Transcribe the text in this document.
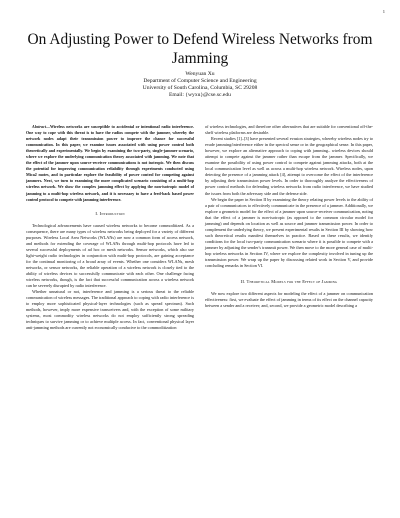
1
On Adjusting Power to Defend Wireless Networks from Jamming
Wenyuan Xu
Department of Computer Science and Engineering
University of South Carolina, Columbia, SC 29208
Email: {wyxu}@cse.sc.edu

Abstract—Wireless networks are susceptible to accidental or intentional radio interference. One way to cope with this threat is to have the radios compete with the jammer, whereby the network nodes adapt their transmission power to improve the chance for successful communication. In this paper, we examine issues associated with using power control both theoretically and experimentally. We begin by examining the two-party, single-jammer scenario, where we explore the underlying communication theory associated with jamming. We note that the effect of the jammer upon source-receiver communications is not isotropic. We then discuss the potential for improving communication reliability through experiments conducted using Mica2 motes, and in particular explore the feasibility of power control for competing against jammers. Next, we turn to examining the more complicated scenario consisting of a multi-hop wireless network. We show the complex jamming effect by applying the non-isotropic model of jamming to a multi-hop wireless network, and it is necessary to have a feed-back based power control protocol to compete with jamming interference.

I. Introduction

Technological advancements have caused wireless networks to become commoditized. As a consequence, there are many types of wireless networks being deployed for a variety of different purposes. Wireless Local Area Networks (WLANs) are now a common form of access network, and methods for extending the coverage of WLANs through multi-hop protocols have led to several successful deployments of ad hoc or mesh networks. Sensor networks, which also use light-weight radio technologies in conjunction with multi-hop protocols, are gaining acceptance for the continual monitoring of a broad array of events. Whether one considers WLANs, mesh networks, or sensor networks, the reliable operation of a wireless network is closely tied to the ability of wireless devices to successfully communicate with each other. One challenge facing wireless networks, though, is the fact that successful communication across a wireless network can be severely disrupted by radio interference.

Whether unnatural or not, interference and jamming is a serious threat to the reliable communication of wireless messages. The traditional approach to coping with radio interference is to employ more sophisticated physical-layer technologies (such as spread spectrum). Such methods, however, imply more expensive transceivers and, with the exception of some military systems, most commodity wireless networks do not employ sufficiently strong spreading techniques to survive jamming or to achieve multiple access. In fact, conventional physical layer anti-jamming methods are currently not economically conducive to the commoditization

of wireless technologies, and therefore other alternatives that are suitable for conventional off-the-shelf wireless platforms are desirable.

Recent studies [1]–[3] have presented several evasion strategies, whereby wireless nodes try to evade jamming/interference either in the spectral sense or in the geographical sense. In this paper, however, we explore an alternative approach to coping with jamming– wireless devices should attempt to compete against the jammer rather than escape from the jammer. Specifically, we examine the possibility of using power control to compete against jamming attacks, both at the local communication level as well as across a multi-hop wireless network. Wireless nodes, upon detecting the presence of a jamming attack [4], attempt to overcome the effect of the interference by adjusting their transmission power levels. In order to thoroughly analyze the effectiveness of power control methods for defending wireless networks from radio interference, we have studied the issues from both the adversary side and the defense side.

We begin the paper in Section II by examining the theory relating power levels to the ability of a pair of communicators to effectively communicate in the presence of a jammer. Additionally, we explore a geometric model for the effect of a jammer upon source-receiver communication, noting that the effect of a jammer is non-isotropic (as opposed to the common circular model for jamming) and depends on location as well as source and jammer transmission power. In order to complement the underlying theory, we present experimental results in Section III by showing how such theoretical results manifest themselves in practice. Based on these results, we identify conditions for the local two-party communication scenario where it is possible to compete with a jammer by adjusting the sender's transmit power. We then move to the more general case of multi-hop wireless networks in Section IV, where we explore the complexity involved in tuning up the transmission power. We wrap up the paper by discussing related work in Section V, and provide concluding remarks in Section VI.

II. Theoretical Models for the Effect of Jamming

We now explore two different aspects for modeling the effect of a jammer on communication effectiveness: first, we evaluate the effect of jamming in terms of its effect on the channel capacity between a sender and a receiver; and, second, we provide a geometric model describing a
